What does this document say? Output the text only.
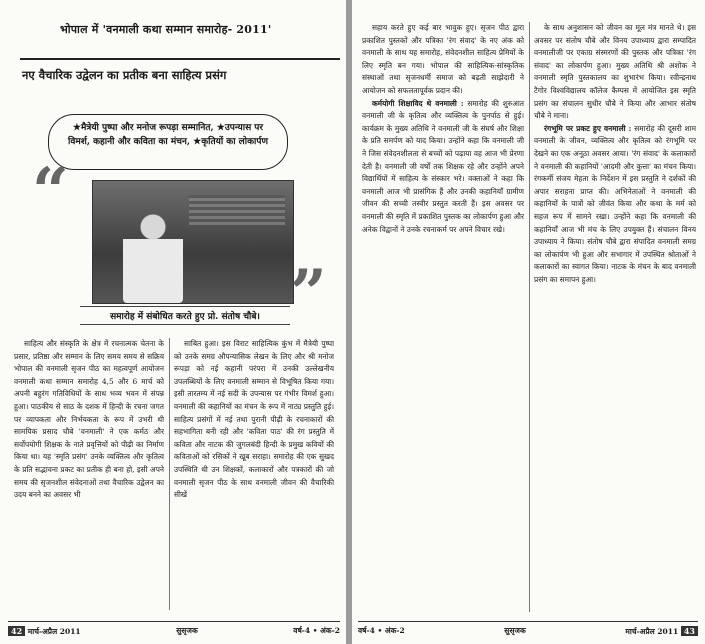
भोपाल में 'वनमाली कथा सम्मान समारोह- 2011'
नए वैचारिक उद्वेलन का प्रतीक बना साहित्य प्रसंग
★मैत्रेयी पुष्पा और मनोज रूपड़ा सम्मानित, ★उपन्यास पर विमर्श, कहानी और कविता का मंचन, ★कृतियों का लोकार्पण
“
”
समारोह में संबोधित करते हुए प्रो. संतोष चौबे।

साहित्य और संस्कृति के क्षेत्र में रचनात्मक चेतना के प्रसार, प्रतिष्ठा और सम्मान के लिए समय समय से सक्रिय भोपाल की वनमाली सृजन पीठ का महत्वपूर्ण आयोजन वनमाली कथा सम्मान समारोह 4,5 और 6 मार्च को अपनी बहुरंग गतिविधियों के साथ भव्य भवन में संपन्न हुआ। पाठकीय से साठ के दशक में हिन्दी के रचना जगत पर व्यापकता और निर्भयकता के रूप में उभरी थी सामयिक प्रसाद चौबे 'वनमाली' ने एक कर्मठ और सर्वोपयोगी शिक्षक के नाते प्रवृत्तियों को पीढ़ी का निर्माण किया था। यह 'स्मृति प्रसंग' उनके व्यक्तित्व और कृतित्व के प्रति सद्भावना प्रकट का प्रतीक ही बना हो, इसी अपने समय की सृजनशील संवेदनाओं तथा वैचारिक उद्वेलन का उदय बनने का अवसर भी

साबित हुआ। इस विराट साहित्यिक कुंभ में मैत्रेयी पुष्पा को उनके समग्र औपन्यासिक लेखन के लिए और श्री मनोज रूपड़ा को नई कहानी परंपरा में उनकी उल्लेखनीय उपलब्धियों के लिए वनमाली सम्मान से विभूषित किया गया। इसी तारतम्य में नई सदी के उपन्यास पर गंभीर विमर्श हुआ। वनमाली की कहानियों का मंचन के रूप में नाट्य प्रस्तुति हुई। साहित्य प्रसंगों में नई तथा पुरानी पीढ़ी के रचनाकारों की सहभागिता बनी रही और 'कविता पाठ' की रंग प्रस्तुति में कविता और नाटक की जुगलबंदी हिन्दी के प्रमुख कवियों की कविताओं को रसिकों ने खूब सराहा। समारोह की एक सुखद उपस्थिति थी उन शिक्षकों, कलाकारों और पत्रकारों की जो वनमाली सृजन पीठ के साथ वनमाली जीवन की वैचारिकी सीखें

42 मार्च-अप्रैल 2011	सुसृजक	वर्ष-4 • अंक-2

सहाय करते हुए कई बार भावुक हुए। सृजन पीठ द्वारा प्रकाशित पुस्तकों और पत्रिका 'रंग संवाद' के नए अंक को वनमाली के साथ यह समारोह, संवेदनशील साहित्य प्रेमियों के लिए स्मृति बन गया। भोपाल की साहित्यिक-सांस्कृतिक संस्थाओं तथा सृजनधर्मी समाज को बढ़ती साझेदारी ने आयोजन को सफलतापूर्वक प्रदान की।

कर्मयोगी शिक्षाविद थे वनमाली : समारोह की शुरुआत वनमाली जी के कृतित्व और व्यक्तित्व के पुनर्पाठ से हुई। कार्यक्रम के मुख्य अतिथि ने वनमाली जी के संघर्ष और शिक्षा के प्रति समर्पण को याद किया। उन्होंने कहा कि वनमाली जी ने जिस संवेदनशीलता से बच्चों को पढ़ाया वह आज भी प्रेरणा देती है। वनमाली जी वर्षों तक शिक्षक रहे और उन्होंने अपने विद्यार्थियों में साहित्य के संस्कार भरे। वक्ताओं ने कहा कि वनमाली आज भी प्रासंगिक हैं और उनकी कहानियाँ ग्रामीण जीवन की सच्ची तस्वीर प्रस्तुत करती हैं। इस अवसर पर वनमाली की स्मृति में प्रकाशित पुस्तक का लोकार्पण हुआ और अनेक विद्वानों ने उनके रचनाकर्म पर अपने विचार रखे।

के साथ अनुशासन को जीवन का मूल मंत्र मानते थे। इस अवसर पर संतोष चौबे और विनय उपाध्याय द्वारा सम्पादित वनमालीजी पर एकाग्र संस्मरणों की पुस्तक और पत्रिका 'रंग संवाद' का लोकार्पण हुआ। मुख्य अतिथि श्री अशोक ने वनमाली स्मृति पुस्तकालय का शुभारंभ किया। रवीन्द्रनाथ टैगोर विश्वविद्यालय कॉलेज कैम्पस में आयोजित इस स्मृति प्रसंग का संचालन सुधीर चौबे ने किया और आभार संतोष चौबे ने माना।

रंगभूमि पर प्रकट हुए वनमाली : समारोह की दूसरी शाम वनमाली के जीवन, व्यक्तित्व और कृतित्व को रंगभूमि पर देखने का एक अनूठा अवसर आया। 'रंग संवाद' के कलाकारों ने वनमाली की कहानियों 'आदमी और कुत्ता' का मंचन किया। रंगकर्मी संजय मेहता के निर्देशन में इस प्रस्तुति ने दर्शकों की अपार सराहना प्राप्त की। अभिनेताओं ने वनमाली की कहानियों के पात्रों को जीवंत किया और कथा के मर्म को सहज रूप में सामने रखा। उन्होंने कहा कि वनमाली की कहानियाँ आज भी मंच के लिए उपयुक्त हैं। संचालन विनय उपाध्याय ने किया। संतोष चौबे द्वारा संपादित वनमाली समग्र का लोकार्पण भी हुआ और सभागार में उपस्थित श्रोताओं ने कलाकारों का स्वागत किया। नाटक के मंचन के बाद वनमाली प्रसंग का समापन हुआ।

वर्ष-4 • अंक-2	सुसृजक	मार्च-अप्रैल 2011 43
